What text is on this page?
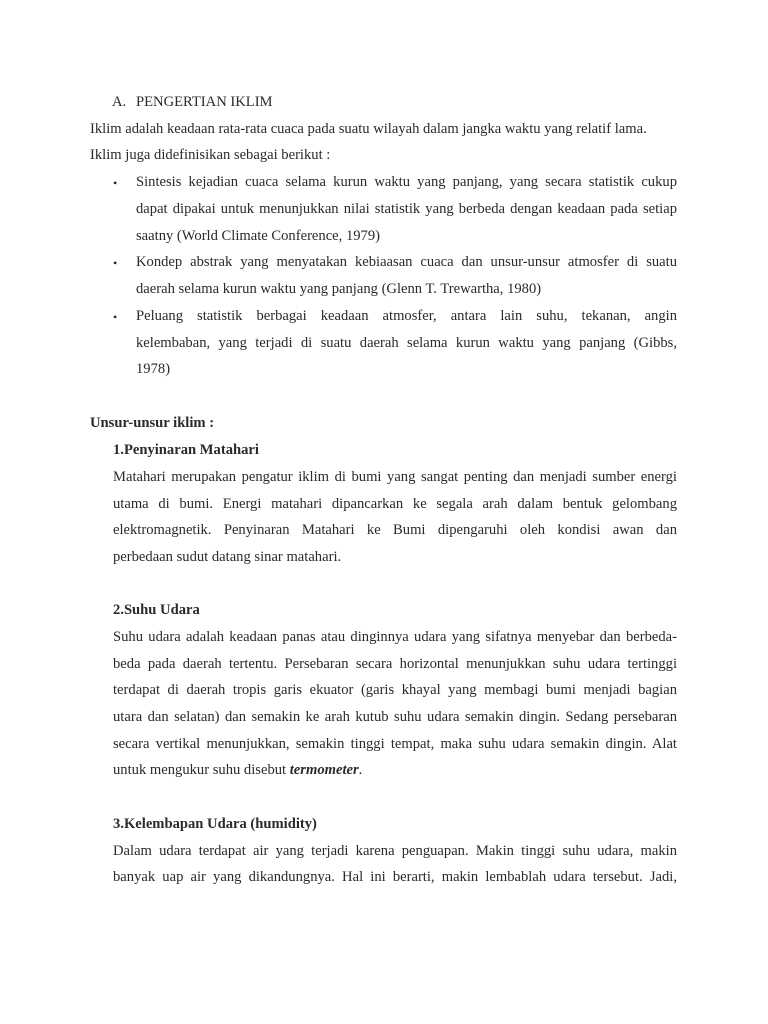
A. PENGERTIAN IKLIM
Iklim adalah keadaan rata-rata cuaca pada suatu wilayah dalam jangka waktu yang relatif lama.
Iklim juga didefinisikan sebagai berikut :
• Sintesis kejadian cuaca selama kurun waktu yang panjang, yang secara statistik cukup
dapat dipakai untuk menunjukkan nilai statistik yang berbeda dengan keadaan pada setiap
saatny (World Climate Conference, 1979)
• Kondep abstrak yang menyatakan kebiaasan cuaca dan unsur-unsur atmosfer di suatu
daerah selama kurun waktu yang panjang (Glenn T. Trewartha, 1980)
• Peluang statistik berbagai keadaan atmosfer, antara lain suhu, tekanan, angin
kelembaban, yang terjadi di suatu daerah selama kurun waktu yang panjang (Gibbs,
1978)
Unsur-unsur iklim :
1.Penyinaran Matahari
Matahari merupakan pengatur iklim di bumi yang sangat penting dan menjadi sumber energi
utama di bumi. Energi matahari dipancarkan ke segala arah dalam bentuk gelombang
elektromagnetik. Penyinaran Matahari ke Bumi dipengaruhi oleh kondisi awan dan
perbedaan sudut datang sinar matahari.
2.Suhu Udara
Suhu udara adalah keadaan panas atau dinginnya udara yang sifatnya menyebar dan berbeda-
beda pada daerah tertentu. Persebaran secara horizontal menunjukkan suhu udara tertinggi
terdapat di daerah tropis garis ekuator (garis khayal yang membagi bumi menjadi bagian
utara dan selatan) dan semakin ke arah kutub suhu udara semakin dingin. Sedang persebaran
secara vertikal menunjukkan, semakin tinggi tempat, maka suhu udara semakin dingin. Alat
untuk mengukur suhu disebut termometer.
3.Kelembapan Udara (humidity)
Dalam udara terdapat air yang terjadi karena penguapan. Makin tinggi suhu udara, makin
banyak uap air yang dikandungnya. Hal ini berarti, makin lembablah udara tersebut. Jadi,
